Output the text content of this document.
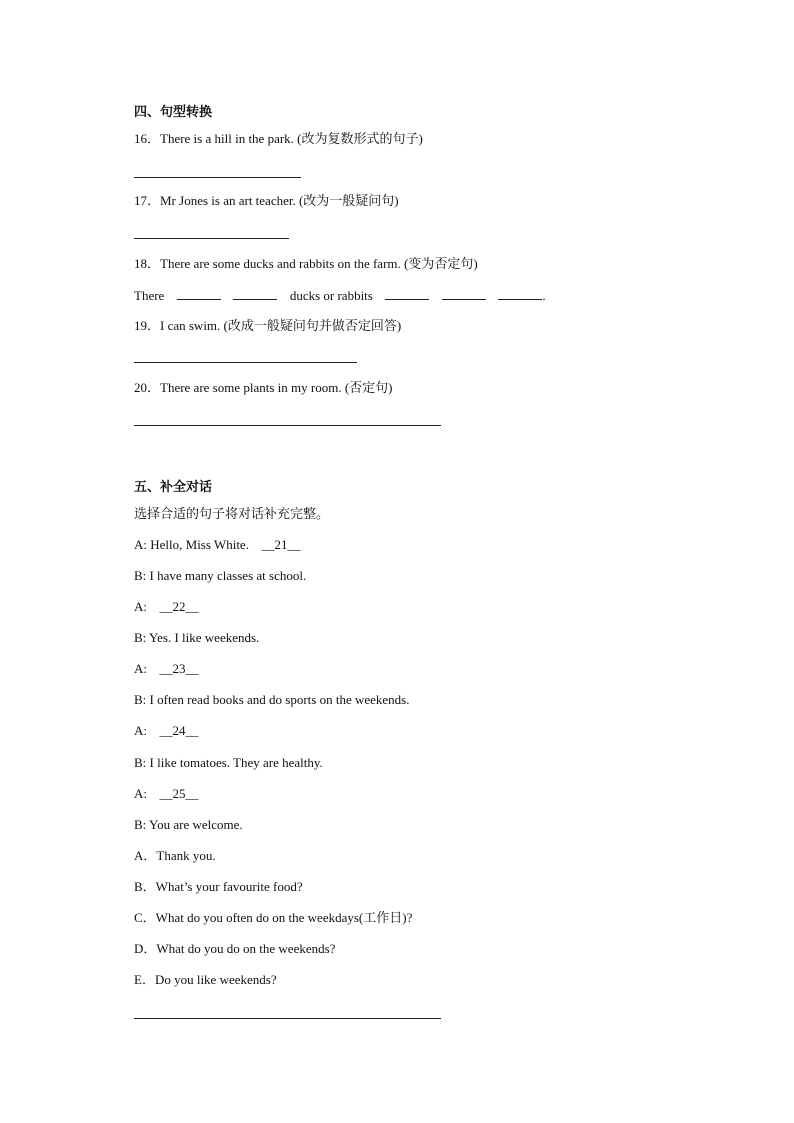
四、句型转换
16．There is a hill in the park. (改为复数形式的句子)
17．Mr Jones is an art teacher. (改为一般疑问句)
18．There are some ducks and rabbits on the farm. (变为否定句)
There	ducks or rabbits	.
19．I can swim. (改成一般疑问句并做否定回答)
20．There are some plants in my room. (否定句)
五、补全对话
选择合适的句子将对话补充完整。
A: Hello, Miss White. __21__
B: I have many classes at school.
A: __22__
B: Yes. I like weekends.
A: __23__
B: I often read books and do sports on the weekends.
A: __24__
B: I like tomatoes. They are healthy.
A: __25__
B: You are welcome.
A．Thank you.
B．What’s your favourite food?
C．What do you often do on the weekdays(工作日)?
D．What do you do on the weekends?
E．Do you like weekends?
